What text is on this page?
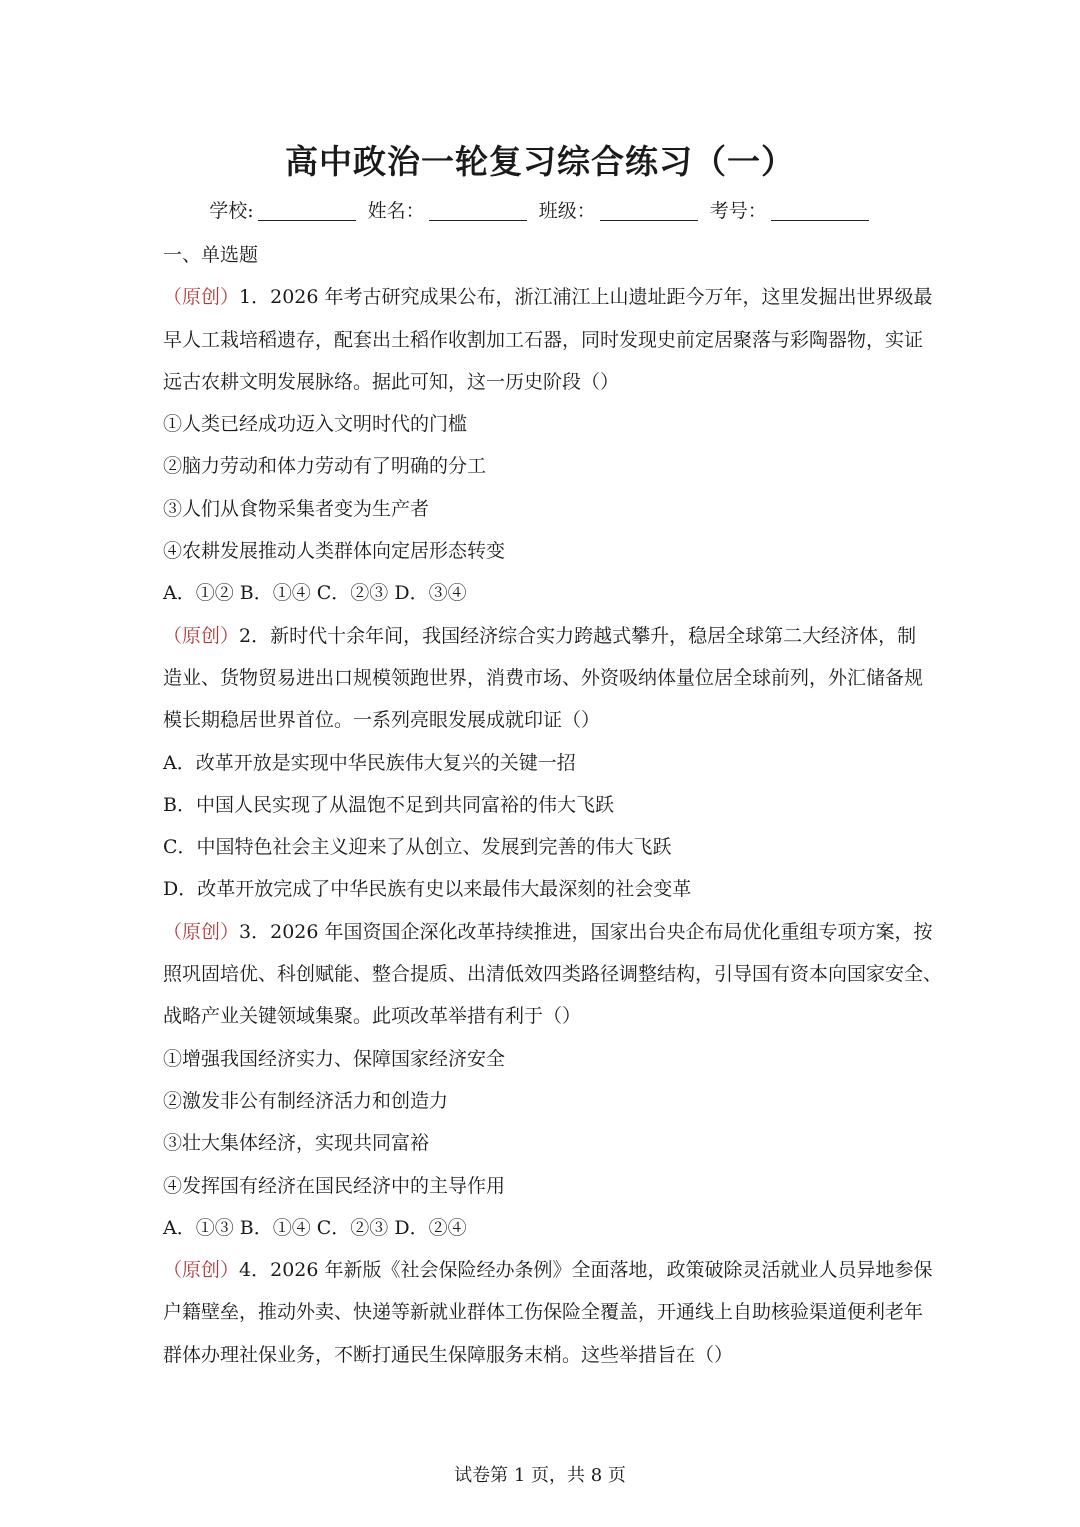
高中政治一轮复习综合练习（一）
学校:	姓名：	班级：	考号：
一、单选题
（原创）1．2026 年考古研究成果公布，浙江浦江上山遗址距今万年，这里发掘出世界级最
早人工栽培稻遗存，配套出土稻作收割加工石器，同时发现史前定居聚落与彩陶器物，实证
远古农耕文明发展脉络。据此可知，这一历史阶段（）
①人类已经成功迈入文明时代的门槛
②脑力劳动和体力劳动有了明确的分工
③人们从食物采集者变为生产者
④农耕发展推动人类群体向定居形态转变
A．①② B．①④ C．②③ D．③④
（原创）2．新时代十余年间，我国经济综合实力跨越式攀升，稳居全球第二大经济体，制
造业、货物贸易进出口规模领跑世界，消费市场、外资吸纳体量位居全球前列，外汇储备规
模长期稳居世界首位。一系列亮眼发展成就印证（）
A．改革开放是实现中华民族伟大复兴的关键一招
B．中国人民实现了从温饱不足到共同富裕的伟大飞跃
C．中国特色社会主义迎来了从创立、发展到完善的伟大飞跃
D．改革开放完成了中华民族有史以来最伟大最深刻的社会变革
（原创）3．2026 年国资国企深化改革持续推进，国家出台央企布局优化重组专项方案，按
照巩固培优、科创赋能、整合提质、出清低效四类路径调整结构，引导国有资本向国家安全、
战略产业关键领域集聚。此项改革举措有利于（）
①增强我国经济实力、保障国家经济安全
②激发非公有制经济活力和创造力
③壮大集体经济，实现共同富裕
④发挥国有经济在国民经济中的主导作用
A．①③ B．①④ C．②③ D．②④
（原创）4．2026 年新版《社会保险经办条例》全面落地，政策破除灵活就业人员异地参保
户籍壁垒，推动外卖、快递等新就业群体工伤保险全覆盖，开通线上自助核验渠道便利老年
群体办理社保业务，不断打通民生保障服务末梢。这些举措旨在（）
试卷第 1 页，共 8 页
